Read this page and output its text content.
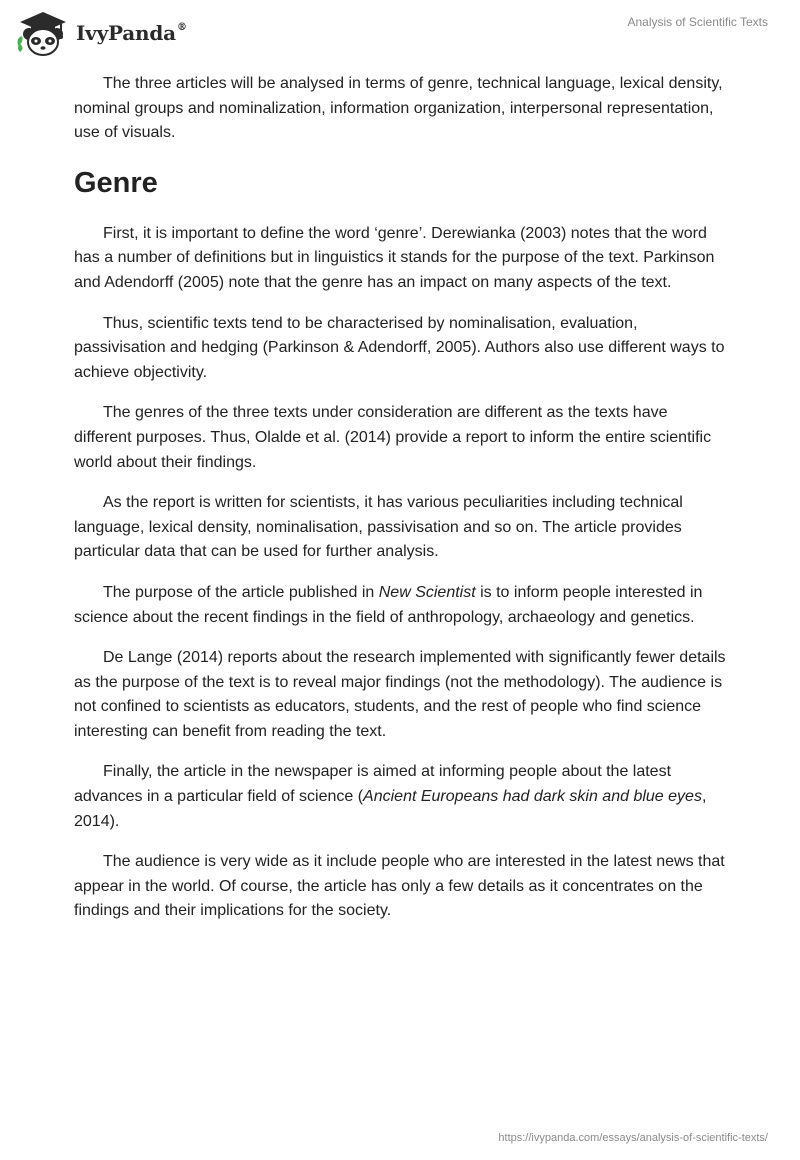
IvyPanda®	Analysis of Scientific Texts

The three articles will be analysed in terms of genre, technical language, lexical density, nominal groups and nominalization, information organization, interpersonal representation, use of visuals.

Genre

First, it is important to define the word ‘genre’. Derewianka (2003) notes that the word has a number of definitions but in linguistics it stands for the purpose of the text. Parkinson and Adendorff (2005) note that the genre has an impact on many aspects of the text.

Thus, scientific texts tend to be characterised by nominalisation, evaluation, passivisation and hedging (Parkinson & Adendorff, 2005). Authors also use different ways to achieve objectivity.

The genres of the three texts under consideration are different as the texts have different purposes. Thus, Olalde et al. (2014) provide a report to inform the entire scientific world about their findings.

As the report is written for scientists, it has various peculiarities including technical language, lexical density, nominalisation, passivisation and so on. The article provides particular data that can be used for further analysis.

The purpose of the article published in New Scientist is to inform people interested in science about the recent findings in the field of anthropology, archaeology and genetics.

De Lange (2014) reports about the research implemented with significantly fewer details as the purpose of the text is to reveal major findings (not the methodology). The audience is not confined to scientists as educators, students, and the rest of people who find science interesting can benefit from reading the text.

Finally, the article in the newspaper is aimed at informing people about the latest advances in a particular field of science (Ancient Europeans had dark skin and blue eyes, 2014).

The audience is very wide as it include people who are interested in the latest news that appear in the world. Of course, the article has only a few details as it concentrates on the findings and their implications for the society.

https://ivypanda.com/essays/analysis-of-scientific-texts/
